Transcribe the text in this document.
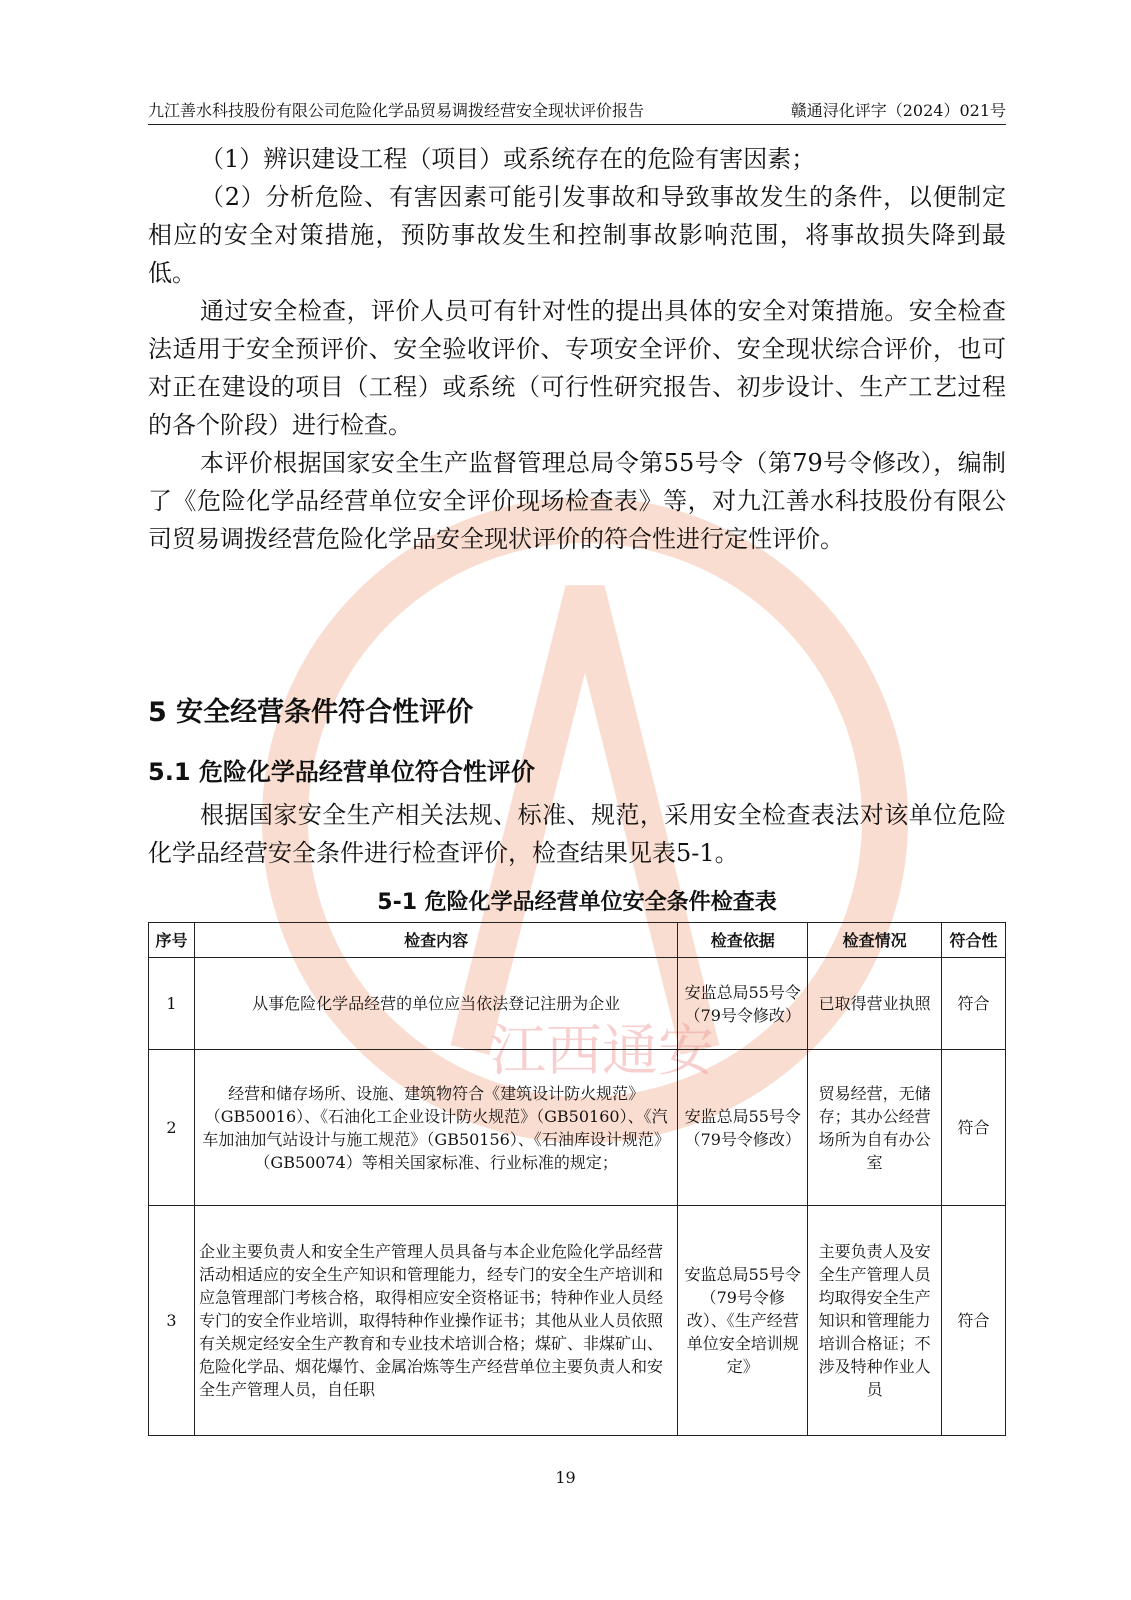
江西通安
九江善水科技股份有限公司危险化学品贸易调拨经营安全现状评价报告	赣通浔化评字（2024）021号

（1）辨识建设工程（项目）或系统存在的危险有害因素；

（2）分析危险、有害因素可能引发事故和导致事故发生的条件，以便制定相应的安全对策措施，预防事故发生和控制事故影响范围，将事故损失降到最低。

通过安全检查，评价人员可有针对性的提出具体的安全对策措施。安全检查法适用于安全预评价、安全验收评价、专项安全评价、安全现状综合评价，也可对正在建设的项目（工程）或系统（可行性研究报告、初步设计、生产工艺过程的各个阶段）进行检查。

本评价根据国家安全生产监督管理总局令第55号令（第79号令修改），编制了《危险化学品经营单位安全评价现场检查表》等，对九江善水科技股份有限公司贸易调拨经营危险化学品安全现状评价的符合性进行定性评价。

5 安全经营条件符合性评价
5.1 危险化学品经营单位符合性评价

根据国家安全生产相关法规、标准、规范，采用安全检查表法对该单位危险化学品经营安全条件进行检查评价，检查结果见表5-1。

5-1 危险化学品经营单位安全条件检查表
序号	检查内容	检查依据	检查情况	符合性
1	从事危险化学品经营的单位应当依法登记注册为企业	安监总局55号令（79号令修改）	已取得营业执照	符合
2	经营和储存场所、设施、建筑物符合《建筑设计防火规范》（GB50016）、《石油化工企业设计防火规范》（GB50160）、《汽车加油加气站设计与施工规范》（GB50156）、《石油库设计规范》（GB50074）等相关国家标准、行业标准的规定；	安监总局55号令（79号令修改）	贸易经营，无储存；其办公经营场所为自有办公室	符合
3	企业主要负责人和安全生产管理人员具备与本企业危险化学品经营活动相适应的安全生产知识和管理能力，经专门的安全生产培训和应急管理部门考核合格，取得相应安全资格证书；特种作业人员经专门的安全作业培训，取得特种作业操作证书；其他从业人员依照有关规定经安全生产教育和专业技术培训合格；煤矿、非煤矿山、危险化学品、烟花爆竹、金属冶炼等生产经营单位主要负责人和安全生产管理人员，自任职	安监总局55号令（79号令修改）、《生产经营单位安全培训规定》	主要负责人及安全生产管理人员均取得安全生产知识和管理能力培训合格证；不涉及特种作业人员	符合
19
